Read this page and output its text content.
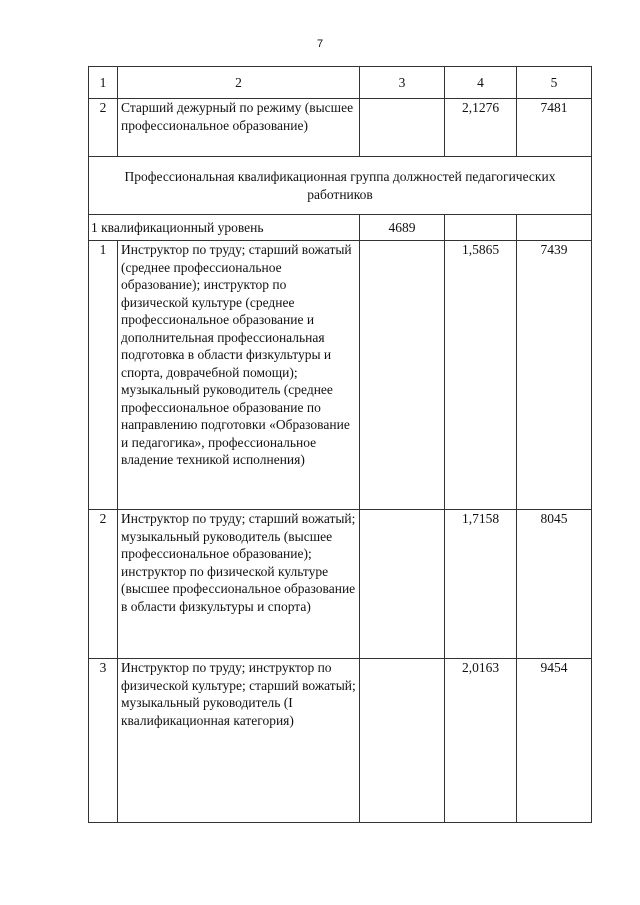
7
1	2	3	4	5
2	Старший дежурный по режиму (высшее профессиональное образование)		2,1276	7481
Профессиональная квалификационная группа должностей педагогических работников				
1 квалификационный уровень		4689		
1	Инструктор по труду; старший вожатый (среднее профессиональное образование); инструктор по физической культуре (среднее профессиональное образование и дополнительная профессиональная подготовка в области физкультуры и спорта, доврачебной помощи); музыкальный руководитель (среднее профессиональное образование по направлению подготовки «Образование и педагогика», профессиональное владение техникой исполнения)		1,5865	7439
2	Инструктор по труду; старший вожатый; музыкальный руководитель (высшее профессиональное образование); инструктор по физической культуре (высшее профессиональное образование в области физкультуры и спорта)		1,7158	8045
3	Инструктор по труду; инструктор по физической культуре; старший вожатый; музыкальный руководитель (I квалификационная категория)		2,0163	9454
